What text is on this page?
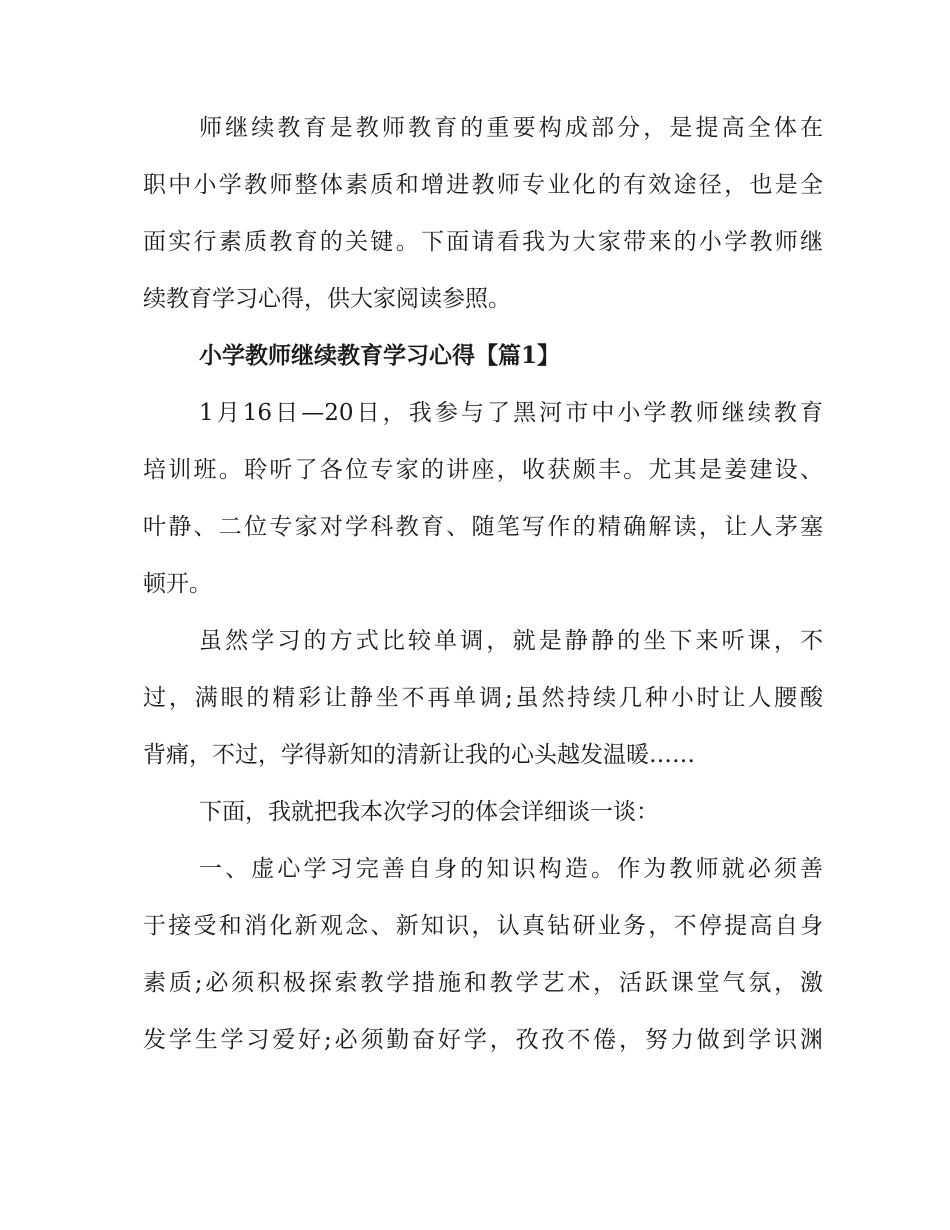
师继续教育是教师教育的重要构成部分，是提高全体在
职中小学教师整体素质和增进教师专业化的有效途径，也是全
面实行素质教育的关键。下面请看我为大家带来的小学教师继
续教育学习心得，供大家阅读参照。
小学教师继续教育学习心得【篇1】
1月16日—20日，我参与了黑河市中小学教师继续教育
培训班。聆听了各位专家的讲座，收获颇丰。尤其是姜建设、
叶静、二位专家对学科教育、随笔写作的精确解读，让人茅塞
顿开。
虽然学习的方式比较单调，就是静静的坐下来听课，不
过，满眼的精彩让静坐不再单调;虽然持续几种小时让人腰酸
背痛，不过，学得新知的清新让我的心头越发温暖……
下面，我就把我本次学习的体会详细谈一谈：
一、虚心学习完善自身的知识构造。作为教师就必须善
于接受和消化新观念、新知识，认真钻研业务，不停提高自身
素质;必须积极探索教学措施和教学艺术，活跃课堂气氛，激
发学生学习爱好;必须勤奋好学，孜孜不倦，努力做到学识渊
